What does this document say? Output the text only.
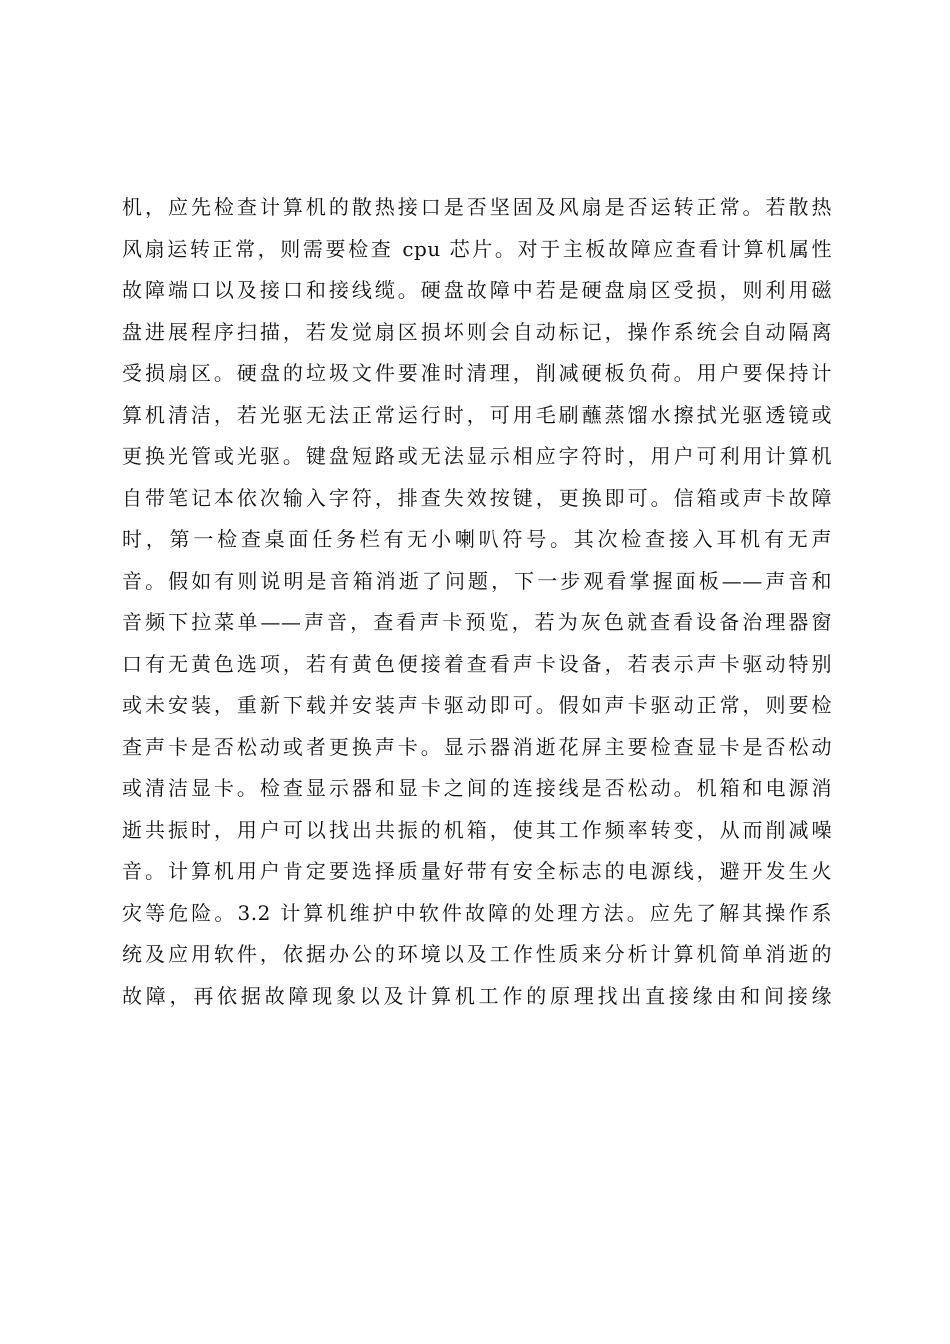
机，应先检查计算机的散热接口是否坚固及风扇是否运转正常。若散热
风扇运转正常，则需要检查 cpu 芯片。对于主板故障应查看计算机属性
故障端口以及接口和接线缆。硬盘故障中若是硬盘扇区受损，则利用磁
盘进展程序扫描，若发觉扇区损坏则会自动标记，操作系统会自动隔离
受损扇区。硬盘的垃圾文件要准时清理，削减硬板负荷。用户要保持计
算机清洁，若光驱无法正常运行时，可用毛刷蘸蒸馏水擦拭光驱透镜或
更换光管或光驱。键盘短路或无法显示相应字符时，用户可利用计算机
自带笔记本依次输入字符，排查失效按键，更换即可。信箱或声卡故障
时，第一检查桌面任务栏有无小喇叭符号。其次检查接入耳机有无声
音。假如有则说明是音箱消逝了问题，下一步观看掌握面板——声音和
音频下拉菜单——声音，查看声卡预览，若为灰色就查看设备治理器窗
口有无黄色选项，若有黄色便接着查看声卡设备，若表示声卡驱动特别
或未安装，重新下载并安装声卡驱动即可。假如声卡驱动正常，则要检
查声卡是否松动或者更换声卡。显示器消逝花屏主要检查显卡是否松动
或清洁显卡。检查显示器和显卡之间的连接线是否松动。机箱和电源消
逝共振时，用户可以找出共振的机箱，使其工作频率转变，从而削减噪
音。计算机用户肯定要选择质量好带有安全标志的电源线，避开发生火
灾等危险。3.2 计算机维护中软件故障的处理方法。应先了解其操作系
统及应用软件，依据办公的环境以及工作性质来分析计算机简单消逝的
故障，再依据故障现象以及计算机工作的原理找出直接缘由和间接缘
